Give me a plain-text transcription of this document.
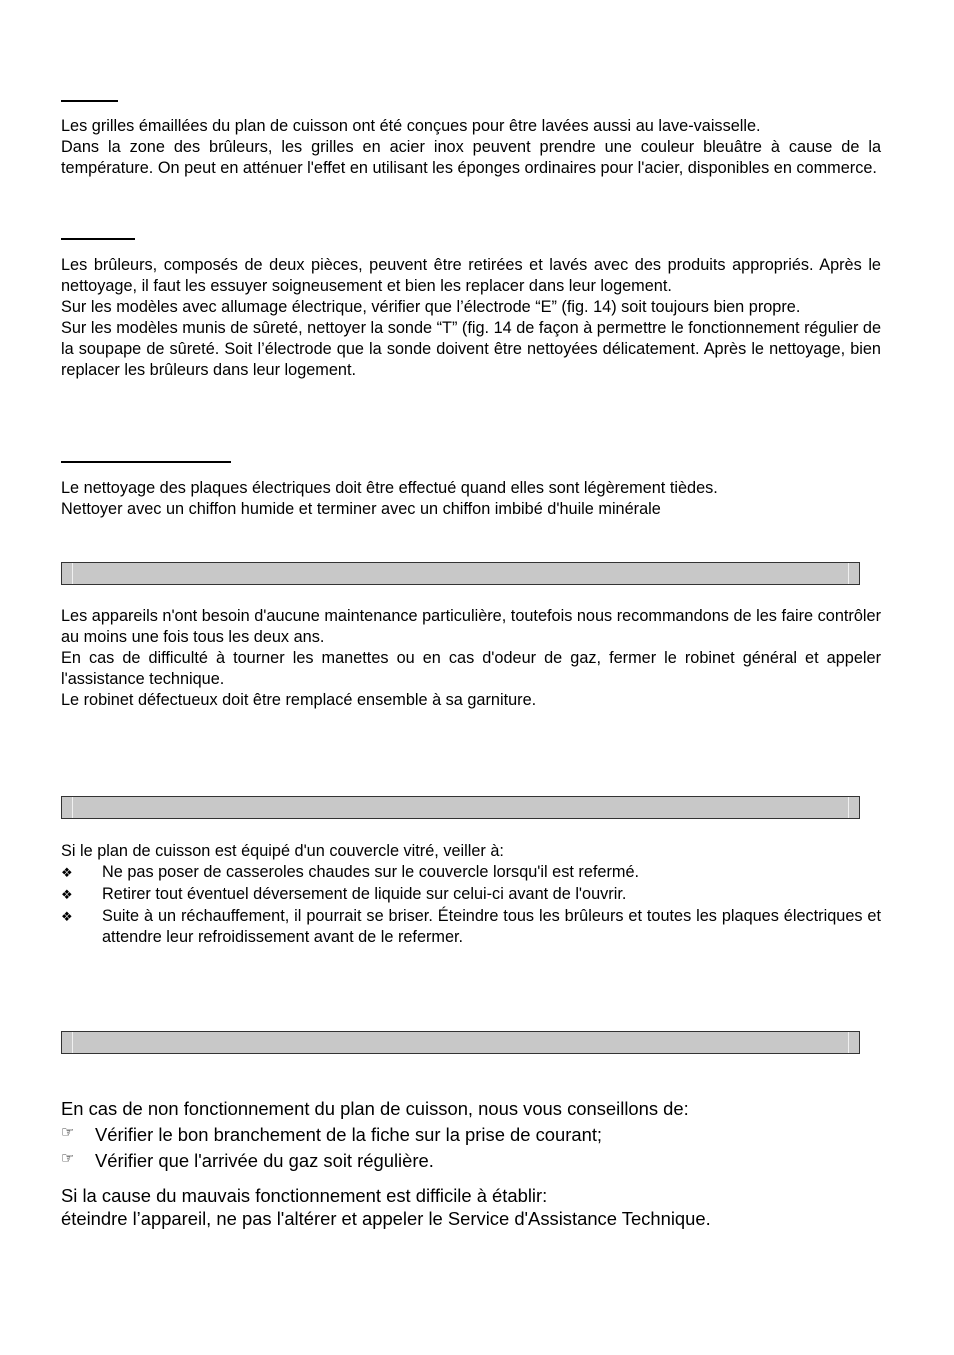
Les grilles émaillées du plan de cuisson ont été conçues pour être lavées aussi au lave-vaisselle.

Dans la zone des brûleurs, les grilles en acier inox peuvent prendre une couleur bleuâtre à cause de la température. On peut en atténuer l'effet en utilisant les éponges ordinaires pour l'acier, disponibles en commerce.

Les brûleurs, composés de deux pièces, peuvent être retirées et lavés avec des produits appropriés. Après le nettoyage, il faut les essuyer soigneusement et bien les replacer dans leur logement.

Sur les modèles avec allumage électrique, vérifier que l’électrode “E” (fig. 14) soit toujours bien propre.

Sur les modèles munis de sûreté, nettoyer la sonde “T” (fig. 14 de façon à permettre le fonctionnement régulier de la soupape de sûreté. Soit l’électrode que la sonde doivent être nettoyées délicatement. Après le nettoyage, bien replacer les brûleurs dans leur logement.

Le nettoyage des plaques électriques doit être effectué quand elles sont légèrement tièdes.

Nettoyer avec un chiffon humide et terminer avec un chiffon imbibé d'huile minérale

Les appareils n'ont besoin d'aucune maintenance particulière, toutefois nous recommandons de les faire contrôler au moins une fois tous les deux ans.

En cas de difficulté à tourner les manettes ou en cas d'odeur de gaz, fermer le robinet général et appeler l'assistance technique.

Le robinet défectueux doit être remplacé ensemble à sa garniture.

Si le plan de cuisson est équipé d'un couvercle vitré, veiller à:
❖	Ne pas poser de casseroles chaudes sur le couvercle lorsqu'il est refermé.
❖	Retirer tout éventuel déversement de liquide sur celui-ci avant de l'ouvrir.
❖	Suite à un réchauffement, il pourrait se briser. Éteindre tous les brûleurs et toutes les plaques électriques et attendre leur refroidissement avant de le refermer.

En cas de non fonctionnement du plan de cuisson, nous vous conseillons de:

☞	Vérifier le bon branchement de la fiche sur la prise de courant;
☞	Vérifier que l'arrivée du gaz soit régulière.

Si la cause du mauvais fonctionnement est difficile à établir:

éteindre l’appareil, ne pas l'altérer et appeler le Service d'Assistance Technique.
